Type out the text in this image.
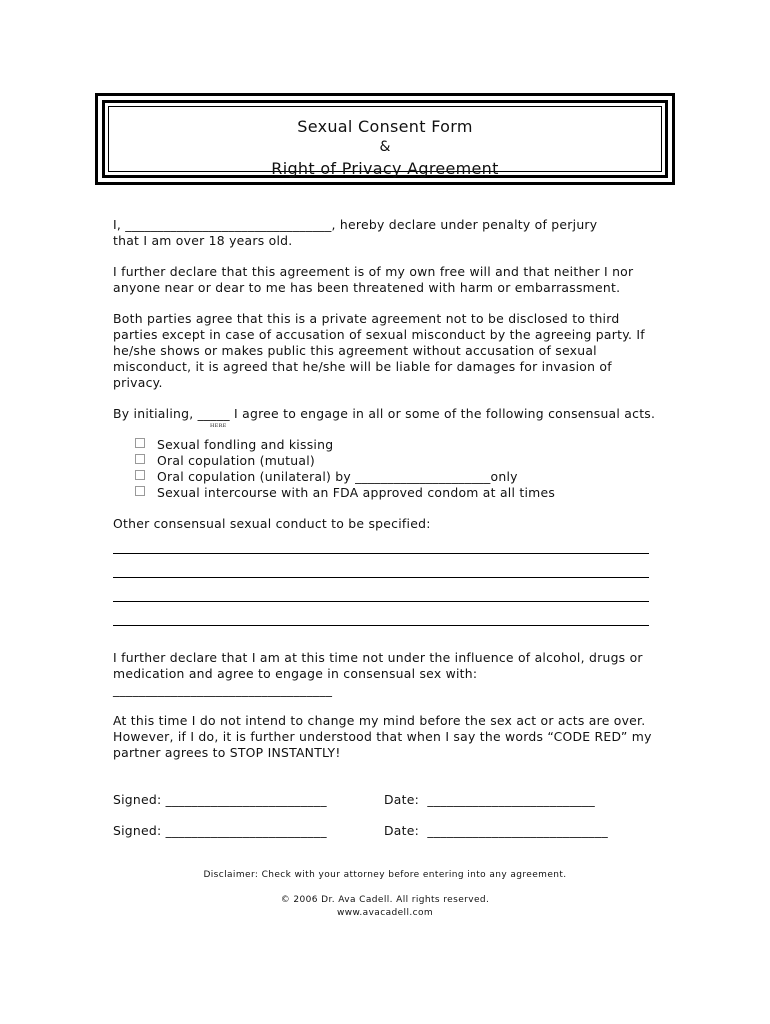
Sexual Consent Form
&
Right of Privacy Agreement
I, ________________________________, hereby declare under penalty of perjury
that I am over 18 years old.
I further declare that this agreement is of my own free will and that neither I nor
anyone near or dear to me has been threatened with harm or embarrassment.
Both parties agree that this is a private agreement not to be disclosed to third
parties except in case of accusation of sexual misconduct by the agreeing party. If
he/she shows or makes public this agreement without accusation of sexual
misconduct, it is agreed that he/she will be liable for damages for invasion of
privacy.
By initialing, _____ I agree to engage in all or some of the following consensual acts.
HERE
Sexual fondling and kissing
Oral copulation (mutual)
Oral copulation (unilateral) by _____________________only
Sexual intercourse with an FDA approved condom at all times
Other consensual sexual conduct to be specified:
I further declare that I am at this time not under the influence of alcohol, drugs or
medication and agree to engage in consensual sex with:
__________________________________
At this time I do not intend to change my mind before the sex act or acts are over.
However, if I do, it is further understood that when I say the words “CODE RED” my
partner agrees to STOP INSTANTLY!
Signed: _________________________	Date:  __________________________
Signed: _________________________	Date:  ____________________________
Disclaimer: Check with your attorney before entering into any agreement.
© 2006 Dr. Ava Cadell. All rights reserved.
www.avacadell.com
